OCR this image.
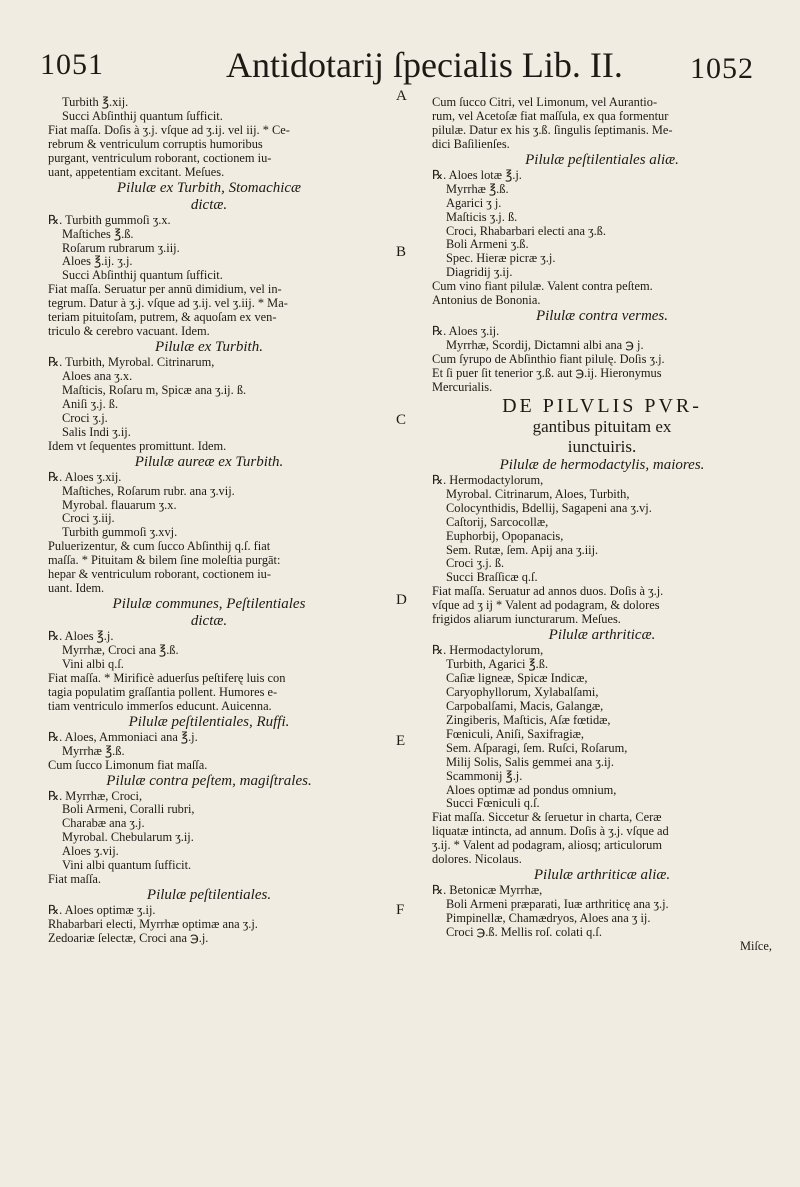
1051	Antidotarij ſpecialis Lib. II. 1052
Turbith ℥.xij.
Succi Abſinthij quantum ſufficit.
Fiat maſſa. Doſis à ʒ.j. vſque ad ʒ.ij. vel iij. * Ce-
rebrum & ventriculum corruptis humoribus
purgant, ventriculum roborant, coctionem iu-
uant, appetentiam excitant. Meſues.
Pilulæ ex Turbith, Stomachicæ
dictæ.
℞. Turbith gummoſi ʒ.x.
Maſtiches ℥.ß.
Roſarum rubrarum ʒ.iij.
Aloes ℥.ij. ʒ.j.
Succi Abſinthij quantum ſufficit.
Fiat maſſa. Seruatur per annū dimidium, vel in-
tegrum. Datur à ʒ.j. vſque ad ʒ.ij. vel ʒ.iij. * Ma-
teriam pituitoſam, putrem, & aquoſam ex ven-
triculo & cerebro vacuant. Idem.
Pilulæ ex Turbith.
℞. Turbith, Myrobal. Citrinarum,
Aloes ana ʒ.x.
Maſticis, Roſaru m, Spicæ ana ʒ.ij. ß.
Aniſi ʒ.j. ß.
Croci ʒ.j.
Salis Indi ʒ.ij.
Idem vt ſequentes promittunt. Idem.
Pilulæ aureæ ex Turbith.
℞. Aloes ʒ.xij.
Maſtiches, Roſarum rubr. ana ʒ.vij.
Myrobal. flauarum ʒ.x.
Croci ʒ.iij.
Turbith gummoſi ʒ.xvj.
Puluerizentur, & cum ſucco Abſinthij q.ſ. fiat
maſſa. * Pituitam & bilem ſine moleſtia purgāt:
hepar & ventriculum roborant, coctionem iu-
uant. Idem.
Pilulæ communes, Peſtilentiales
dictæ.
℞. Aloes ℥.j.
Myrrhæ, Croci ana ℥.ß.
Vini albi q.ſ.
Fiat maſſa. * Mirificè aduerſus peſtiferę luis con
tagia populatim graſſantia pollent. Humores e-
tiam ventriculo immerſos educunt. Auicenna.
Pilulæ peſtilentiales, Ruffi.
℞. Aloes, Ammoniaci ana ℥.j.
Myrrhæ ℥.ß.
Cum ſucco Limonum fiat maſſa.
Pilulæ contra peſtem, magiſtrales.
℞. Myrrhæ, Croci,
Boli Armeni, Coralli rubri,
Charabæ ana ʒ.j.
Myrobal. Chebularum ʒ.ij.
Aloes ʒ.vij.
Vini albi quantum ſufficit.
Fiat maſſa.
Pilulæ peſtilentiales.
℞. Aloes optimæ ʒ.ij.
Rhabarbari electi, Myrrhæ optimæ ana ʒ.j.
Zedoariæ ſelectæ, Croci ana ℈.j.
A
B
C
D
E
F
Cum ſucco Citri, vel Limonum, vel Aurantio-
rum, vel Acetoſæ fiat maſſula, ex qua formentur
pilulæ. Datur ex his ʒ.ß. ſingulis ſeptimanis. Me-
dici Baſilienſes.
Pilulæ peſtilentiales aliæ.
℞. Aloes lotæ ℥.j.
Myrrhæ ℥.ß.
Agarici ʒ j.
Maſticis ʒ.j. ß.
Croci, Rhabarbari electi ana ʒ.ß.
Boli Armeni ʒ.ß.
Spec. Hieræ picræ ʒ.j.
Diagridij ʒ.ij.
Cum vino fiant pilulæ. Valent contra peſtem.
Antonius de Bononia.
Pilulæ contra vermes.
℞. Aloes ʒ.ij.
Myrrhæ, Scordij, Dictamni albi ana ℈ j.
Cum ſyrupo de Abſinthio fiant pilulę. Doſis ʒ.j.
Et ſi puer ſit tenerior ʒ.ß. aut ℈.ij. Hieronymus
Mercurialis.
DE PILVLIS PVR-
gantibus pituitam ex
iunctuiris.
Pilulæ de hermodactylis, maiores.
℞. Hermodactylorum,
Myrobal. Citrinarum, Aloes, Turbith,
Colocynthidis, Bdellij, Sagapeni ana ʒ.vj.
Caſtorij, Sarcocollæ,
Euphorbij, Opopanacis,
Sem. Rutæ, ſem. Apij ana ʒ.iij.
Croci ʒ.j. ß.
Succi Braſſicæ q.ſ.
Fiat maſſa. Seruatur ad annos duos. Doſis à ʒ.j.
vſque ad ʒ ij * Valent ad podagram, & dolores
frigidos aliarum iuncturarum. Meſues.
Pilulæ arthriticæ.
℞. Hermodactylorum,
Turbith, Agarici ℥.ß.
Caſiæ ligneæ, Spicæ Indicæ,
Caryophyllorum, Xylabalſami,
Carpobalſami, Macis, Galangæ,
Zingiberis, Maſticis, Aſæ fœtidæ,
Fœniculi, Aniſi, Saxifragiæ,
Sem. Aſparagi, ſem. Ruſci, Roſarum,
Milij Solis, Salis gemmei ana ʒ.ij.
Scammonij ℥.j.
Aloes optimæ ad pondus omnium,
Succi Fœniculi q.ſ.
Fiat maſſa. Siccetur & ſeruetur in charta, Ceræ
liquatæ intincta, ad annum. Doſis à ʒ.j. vſque ad
ʒ.ij. * Valent ad podagram, aliosq; articulorum
dolores. Nicolaus.
Pilulæ arthriticæ aliæ.
℞. Betonicæ Myrrhæ,
Boli Armeni præparati, Iuæ arthriticę ana ʒ.j.
Pimpinellæ, Chamædryos, Aloes ana ʒ ij.
Croci ℈.ß. Mellis roſ. colati q.ſ.
Miſce,
